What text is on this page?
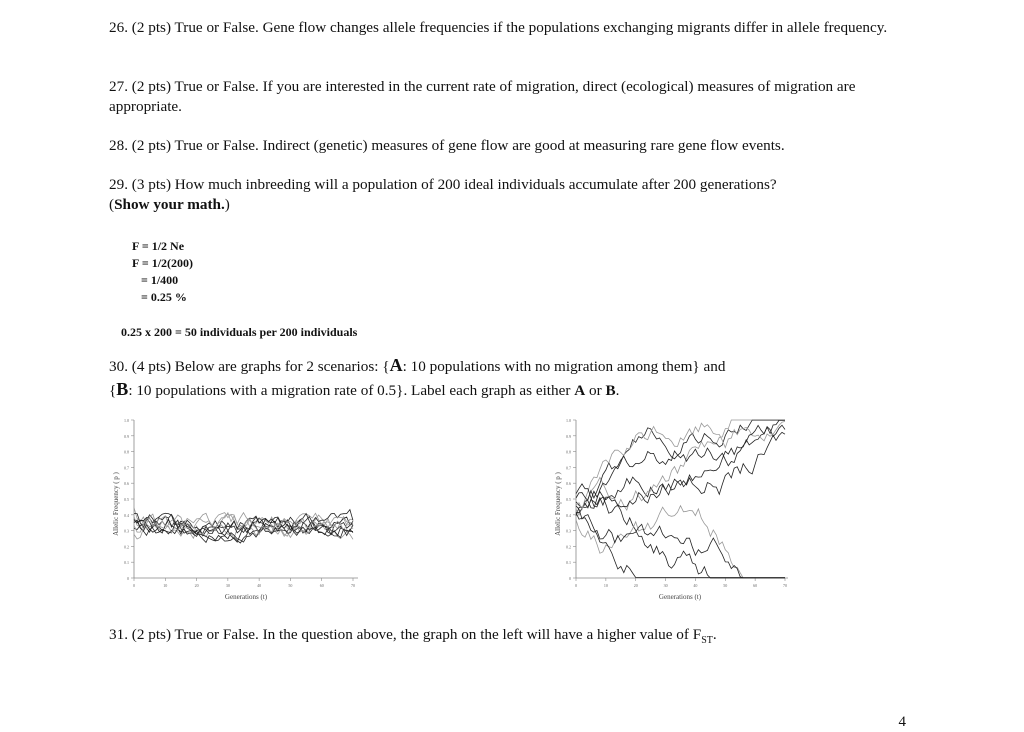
26. (2 pts) True or False. Gene flow changes allele frequencies if the populations exchanging migrants differ in allele frequency.

27. (2 pts) True or False. If you are interested in the current rate of migration, direct (ecological) measures of migration are appropriate.

28. (2 pts) True or False. Indirect (genetic) measures of gene flow are good at measuring rare gene flow events.

29. (3 pts) How much inbreeding will a population of 200 ideal individuals accumulate after 200 generations?
(Show your math.)

F = 1/2 Ne
F = 1/2(200)
= 1/400
= 0.25 %
0.25 x 200 = 50 individuals per 200 individuals

30. (4 pts) Below are graphs for 2 scenarios: {A: 10 populations with no migration among them} and
{B: 10 populations with a migration rate of 0.5}. Label each graph as either A or B.

Allelic Frequency ( p )
0
0.1
0.2
0.3
0.4
0.5
0.6
0.7
0.8
0.9
1.0
0	10	20	30	40	50	60	70
Generations (t)
Allelic Frequency ( p )
0
0.1
0.2
0.3
0.4
0.5
0.6
0.7
0.8
0.9
1.0
0	10	20	30	40	50	60	70
Generations (t)

31. (2 pts) True or False. In the question above, the graph on the left will have a higher value of $F_{ST}$.

4
